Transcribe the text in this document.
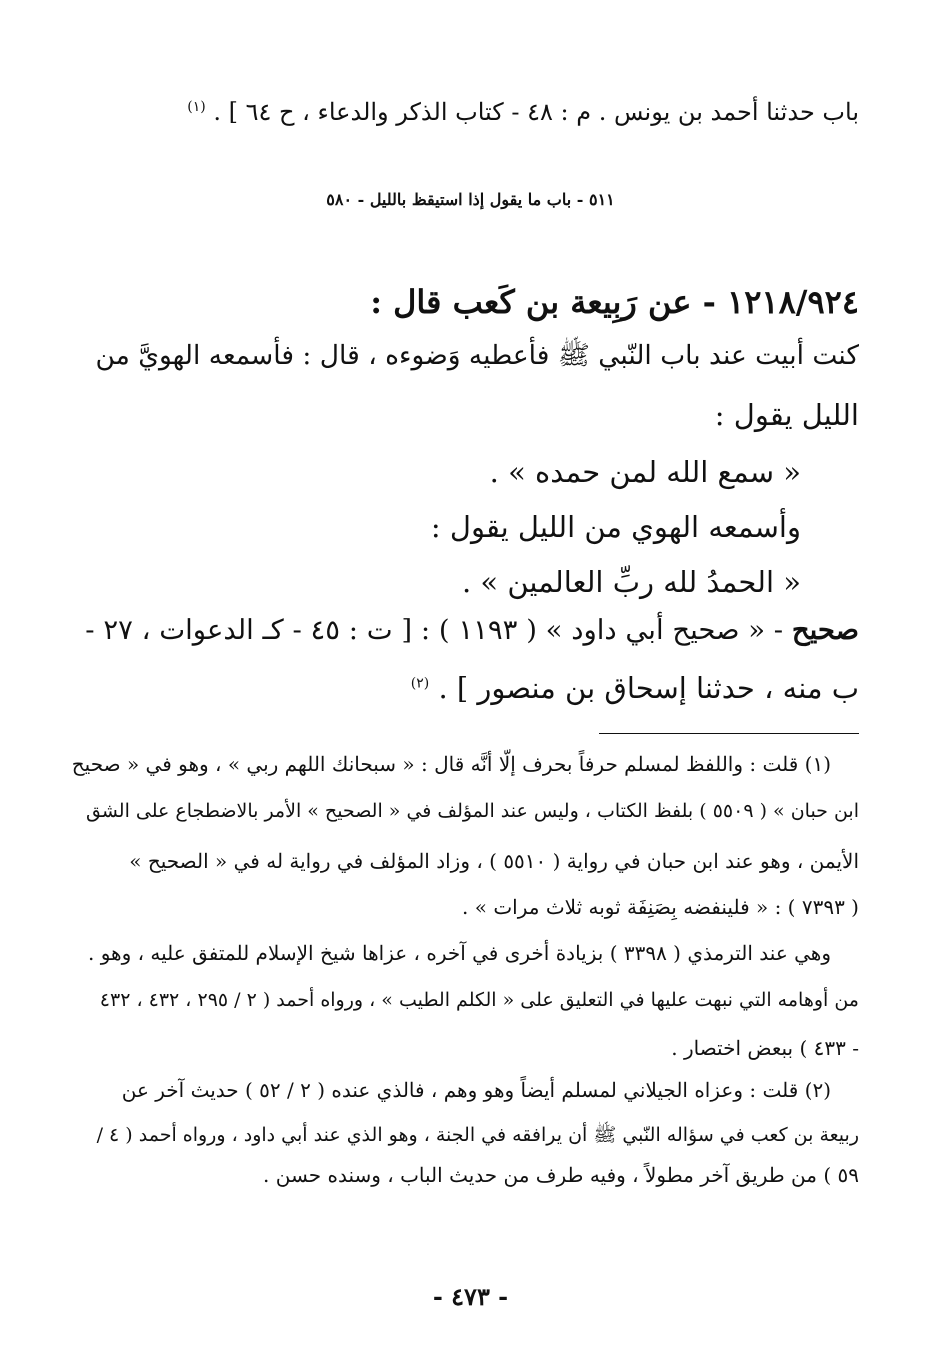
باب حدثنا أحمد بن يونس . م : ٤٨ - كتاب الذكر والدعاء ، ح ٦٤ ] . $^{(١)}$
٥١١ - باب ما يقول إذا استيقظ بالليل - ٥٨٠
١٢١٨/٩٢٤ - عن رَبِيعة بن كَعب قال :
كنت أبيت عند باب النّبي ﷺ فأعطيه وَضوءه ، قال : فأسمعه الهويَّ من
الليل يقول :
« سمع الله لمن حمده » .
وأسمعه الهوي من الليل يقول :
« الحمدُ لله ربِّ العالمين » .
صحيح - « صحيح أبي داود » ( ١١٩٣ ) : [ ت : ٤٥ - كـ الدعوات ، ٢٧ -
ب منه ، حدثنا إسحاق بن منصور ] . $^{(٢)}$
(١) قلت : واللفظ لمسلم حرفاً بحرف إلّا أنَّه قال : « سبحانك اللهم ربي » ، وهو في « صحيح
ابن حبان » ( ٥٥٠٩ ) بلفظ الكتاب ، وليس عند المؤلف في « الصحيح » الأمر بالاضطجاع على الشق
الأيمن ، وهو عند ابن حبان في رواية ( ٥٥١٠ ) ، وزاد المؤلف في رواية له في « الصحيح »
( ٧٣٩٣ ) : « فلينفضه بِصَنِفَة ثوبه ثلاث مرات » .
وهي عند الترمذي ( ٣٣٩٨ ) بزيادة أخرى في آخره ، عزاها شيخ الإسلام للمتفق عليه ، وهو .
من أوهامه التي نبهت عليها في التعليق على « الكلم الطيب » ، ورواه أحمد ( ٢ / ٢٩٥ ، ٤٣٢ ، ٤٣٢
- ٤٣٣ ) ببعض اختصار .
(٢) قلت : وعزاه الجيلاني لمسلم أيضاً وهو وهم ، فالذي عنده ( ٢ / ٥٢ ) حديث آخر عن
ربيعة بن كعب في سؤاله النّبي ﷺ أن يرافقه في الجنة ، وهو الذي عند أبي داود ، ورواه أحمد ( ٤ /
٥٩ ) من طريق آخر مطولاً ، وفيه طرف من حديث الباب ، وسنده حسن .
- ٤٧٣ -
